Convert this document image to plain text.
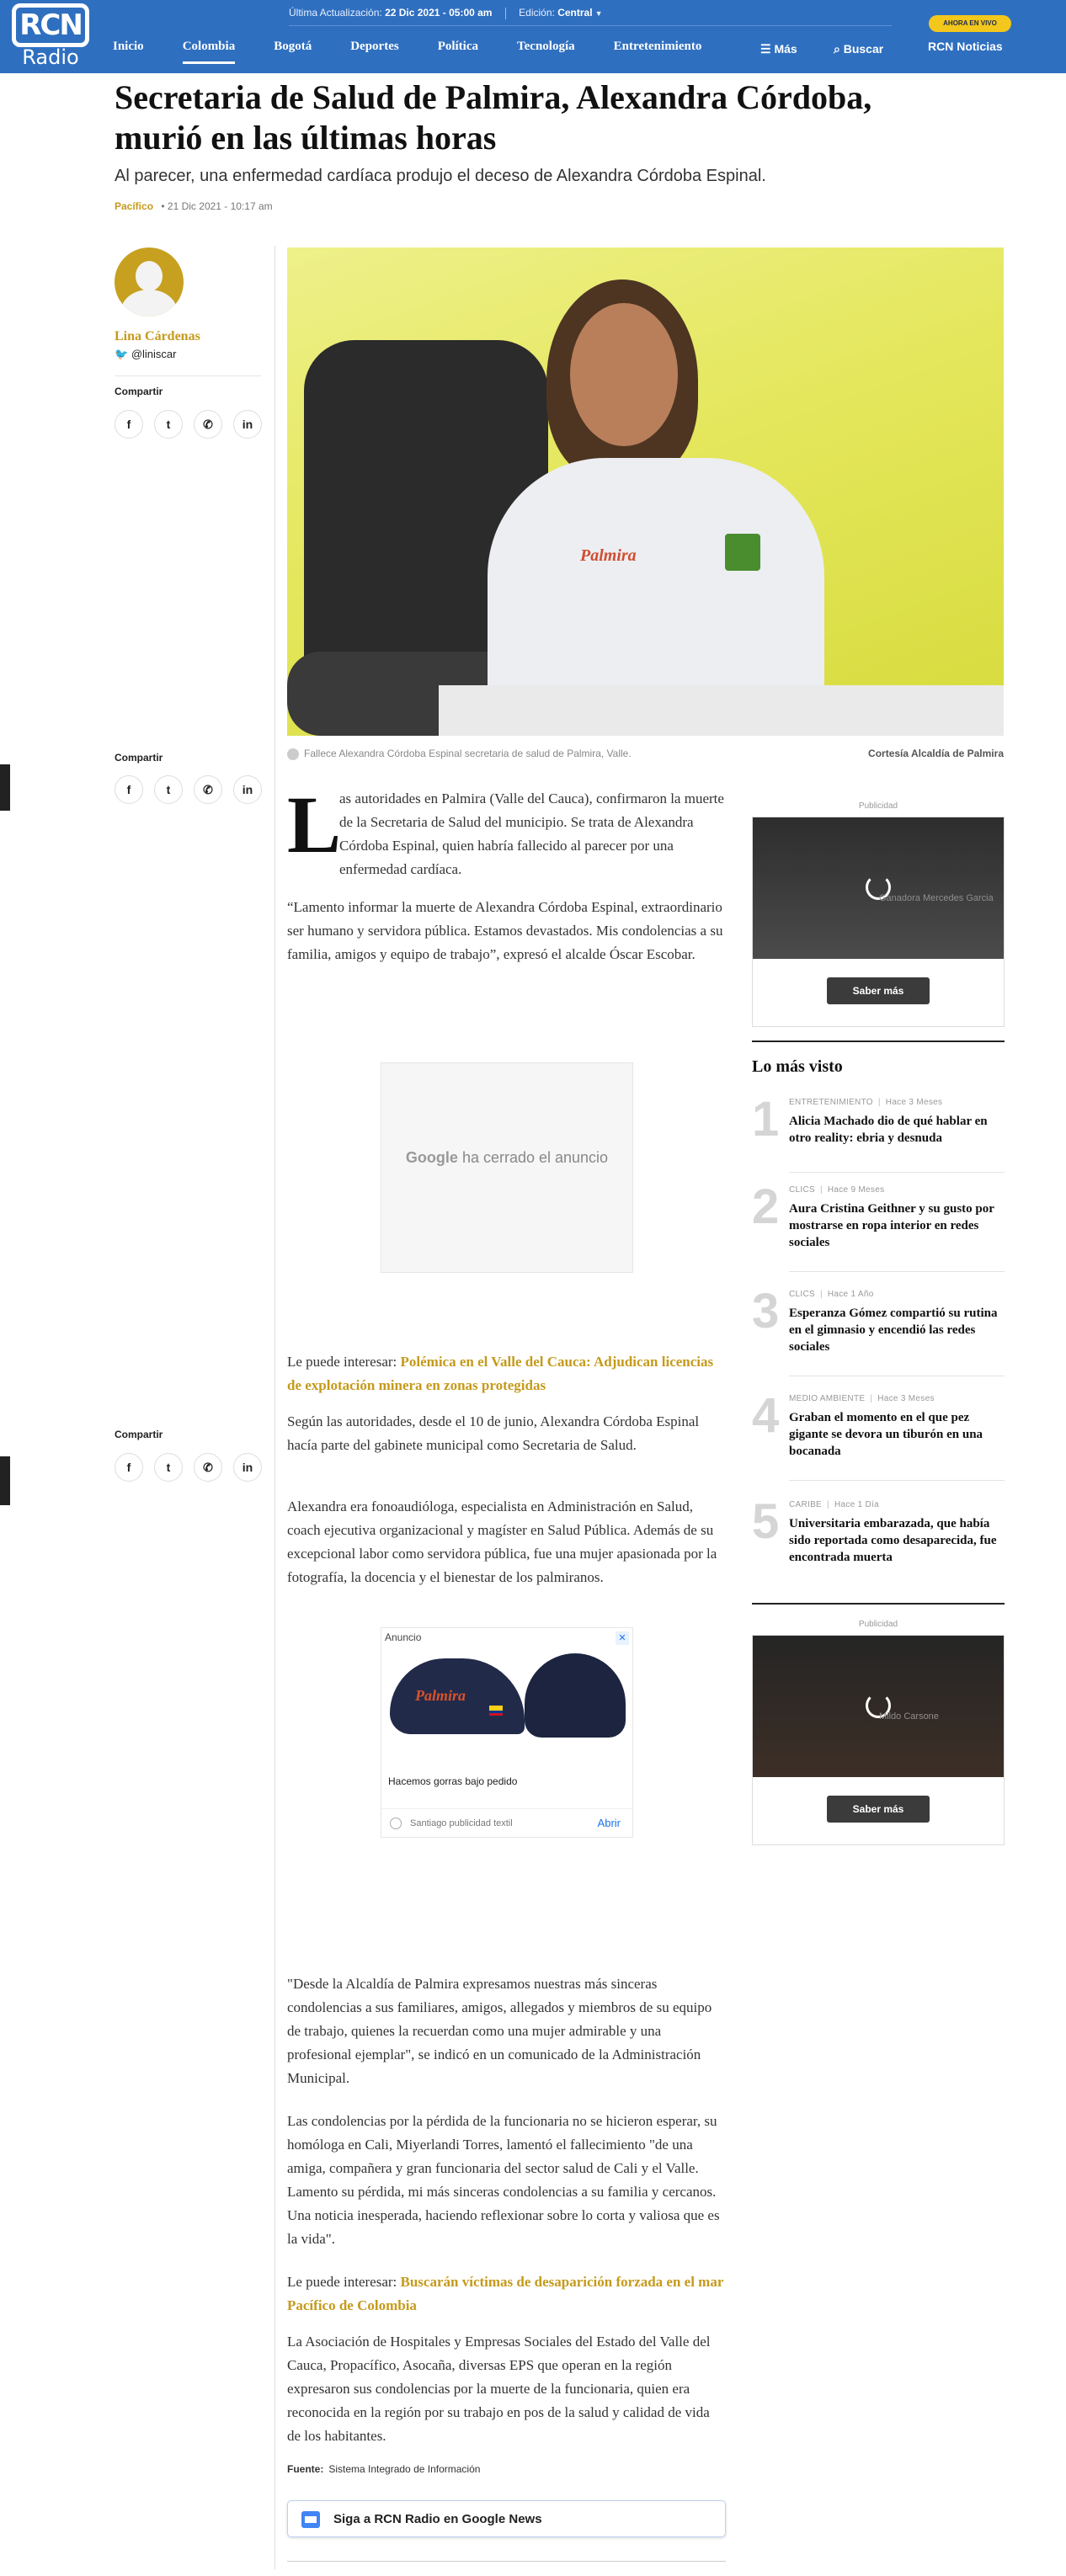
RCN
Radio
Última Actualización: 22 Dic 2021 - 05:00 am	Edición: Central ▼
Inicio	Colombia	Bogotá	Deportes	Política	Tecnología	Entretenimiento	☰ Más	⌕ Buscar
AHORA EN VIVO
RCN Noticias
Secretaria de Salud de Palmira, Alexandra Córdoba, murió en las últimas horas
Al parecer, una enfermedad cardíaca produjo el deceso de Alexandra Córdoba Espinal.
Pacífico • 21 Dic 2021 - 10:17 am
Lina Cárdenas
🐦 @liniscar
Compartir
f	t	✆	in
Compartir
f	t	✆	in
Compartir
f	t	✆	in
Palmira
Fallece Alexandra Córdoba Espinal secretaria de salud de Palmira, Valle.	Cortesía Alcaldía de Palmira
L
as autoridades en Palmira (Valle del Cauca), confirmaron la muerte de la Secretaria de Salud del municipio. Se trata de Alexandra Córdoba Espinal, quien habría fallecido al parecer por una enfermedad cardíaca.
“Lamento informar la muerte de Alexandra Córdoba Espinal, extraordinario ser humano y servidora pública. Estamos devastados. Mis condolencias a su familia, amigos y equipo de trabajo”, expresó el alcalde Óscar Escobar.
Google ha cerrado el anuncio
Le puede interesar: Polémica en el Valle del Cauca: Adjudican licencias de explotación minera en zonas protegidas
Según las autoridades, desde el 10 de junio, Alexandra Córdoba Espinal hacía parte del gabinete municipal como Secretaria de Salud.
Alexandra era fonoaudióloga, especialista en Administración en Salud, coach ejecutiva organizacional y magíster en Salud Pública. Además de su excepcional labor como servidora pública, fue una mujer apasionada por la fotografía, la docencia y el bienestar de los palmiranos.
Anuncio	✕
Palmira
Hacemos gorras bajo pedido
Santiago publicidad textil	Abrir
"Desde la Alcaldía de Palmira expresamos nuestras más sinceras condolencias a sus familiares, amigos, allegados y miembros de su equipo de trabajo, quienes la recuerdan como una mujer admirable y una profesional ejemplar", se indicó en un comunicado de la Administración Municipal.
Las condolencias por la pérdida de la funcionaria no se hicieron esperar, su homóloga en Cali, Miyerlandi Torres, lamentó el fallecimiento "de una amiga, compañera y gran funcionaria del sector salud de Cali y el Valle. Lamento su pérdida, mi más sinceras condolencias a su familia y cercanos. Una noticia inesperada, haciendo reflexionar sobre lo corta y valiosa que es la vida".
Le puede interesar: Buscarán víctimas de desaparición forzada en el mar Pacífico de Colombia
La Asociación de Hospitales y Empresas Sociales del Estado del Valle del Cauca, Propacífico, Asocaña, diversas EPS que operan en la región expresaron sus condolencias por la muerte de la funcionaria, quien era reconocida en la región por su trabajo en pos de la salud y calidad de vida de los habitantes.
Fuente: Sistema Integrado de Información
Siga a RCN Radio en Google News
Publicidad
Ganadora Mercedes Garcia
Saber más
Lo más visto
1 ENTRETENIMIENTO | Hace 3 Meses
Alicia Machado dio de qué hablar en otro reality: ebria y desnuda
2 CLICS | Hace 9 Meses
Aura Cristina Geithner y su gusto por mostrarse en ropa interior en redes sociales
3 CLICS | Hace 1 Año
Esperanza Gómez compartió su rutina en el gimnasio y encendió las redes sociales
4 MEDIO AMBIENTE | Hace 3 Meses
Graban el momento en el que pez gigante se devora un tiburón en una bocanada
5 CARIBE | Hace 1 Día
Universitaria embarazada, que había sido reportada como desaparecida, fue encontrada muerta
Publicidad
Mildo Carsone
Saber más
